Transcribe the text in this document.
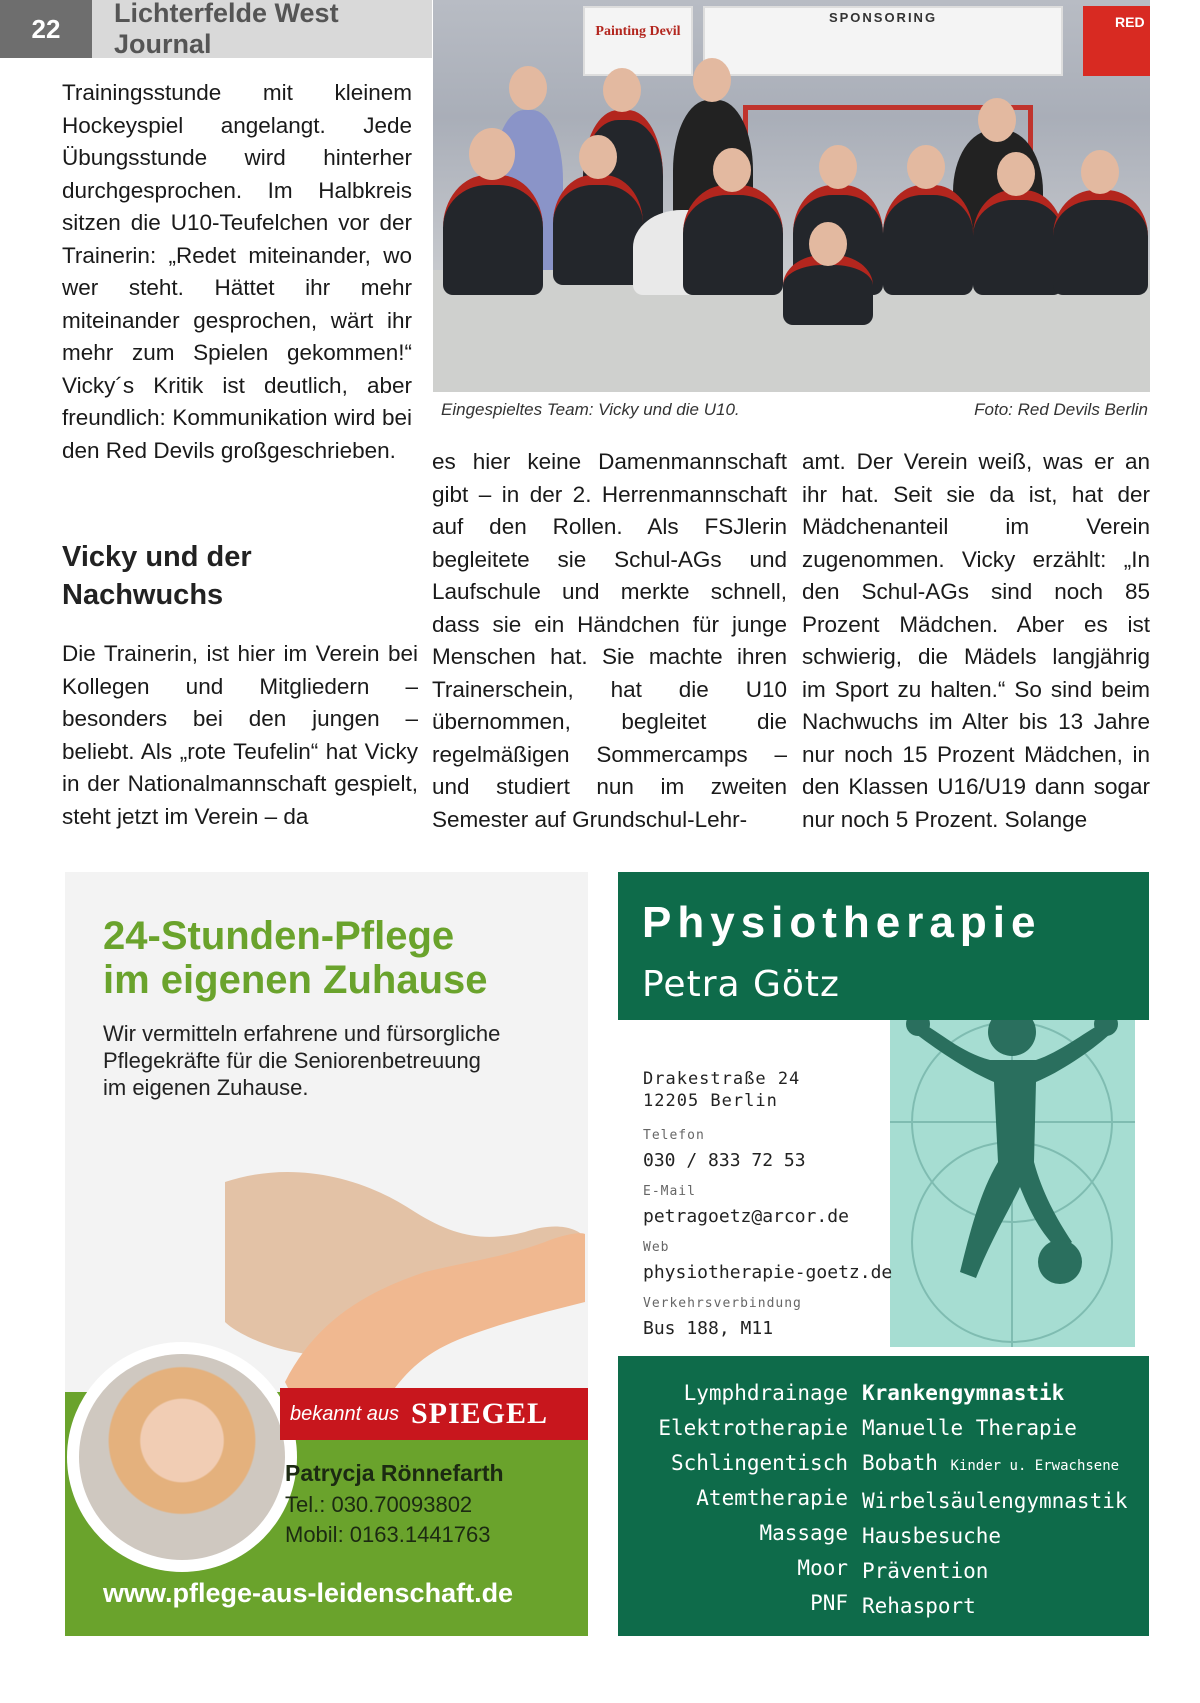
22
Lichterfelde West Journal

Trainingsstunde mit kleinem Hockeyspiel angelangt. Jede Übungsstunde wird hinterher durchgesprochen. Im Halbkreis sitzen die U10-Teufelchen vor der Trainerin: „Redet miteinander, wo wer steht. Hättet ihr mehr miteinander gesprochen, wärt ihr mehr zum Spielen gekommen!“ Vicky´s Kritik ist deutlich, aber freundlich: Kommunikation wird bei den Red Devils großgeschrieben.

Vicky und der
Nachwuchs

Die Trainerin, ist hier im Verein bei Kollegen und Mitgliedern – besonders bei den jungen – beliebt. Als „rote Teufelin“ hat Vicky in der Nationalmannschaft gespielt, steht jetzt im Verein – da

es hier keine Damenmannschaft gibt – in der 2. Herrenmannschaft auf den Rollen. Als FSJlerin begleitete sie Schul-AGs und Laufschule und merkte schnell, dass sie ein Händchen für junge Menschen hat. Sie machte ihren Trainerschein, hat die U10 übernommen, begleitet die regelmäßigen Sommercamps – und studiert nun im zweiten Semester auf Grundschul-Lehr-

amt. Der Verein weiß, was er an ihr hat. Seit sie da ist, hat der Mädchenanteil im Verein zugenommen. Vicky erzählt: „In den Schul-AGs sind noch 85 Prozent Mädchen. Aber es ist schwierig, die Mädels langjährig im Sport zu halten.“ So sind beim Nachwuchs im Alter bis 13 Jahre nur noch 15 Prozent Mädchen, in den Klassen U16/U19 dann sogar nur noch 5 Prozent. Solange

Painting Devil
SPONSORING	RED
Eingespieltes Team: Vicky und die U10.	Foto: Red Devils Berlin
24-Stunden-Pflege
im eigenen Zuhause
Wir vermitteln erfahrene und fürsorgliche
Pflegekräfte für die Seniorenbetreuung
im eigenen Zuhause.
bekannt aus SPIEGEL
Patrycja Rönnefarth
Tel.: 030.70093802
Mobil: 0163.1441763
www.pflege-aus-leidenschaft.de
Physiotherapie
Petra Götz
Drakestraße 24
12205 Berlin
Telefon
030 / 833 72 53
E-Mail
petragoetz@arcor.de
Web
physiotherapie-goetz.de
Verkehrsverbindung
Bus 188, M11
Lymphdrainage
Elektrotherapie
Schlingentisch
Atemtherapie
Massage
Moor
PNF
Krankengymnastik
Manuelle Therapie
Bobath Kinder u. Erwachsene
Wirbelsäulengymnastik
Hausbesuche
Prävention
Rehasport
